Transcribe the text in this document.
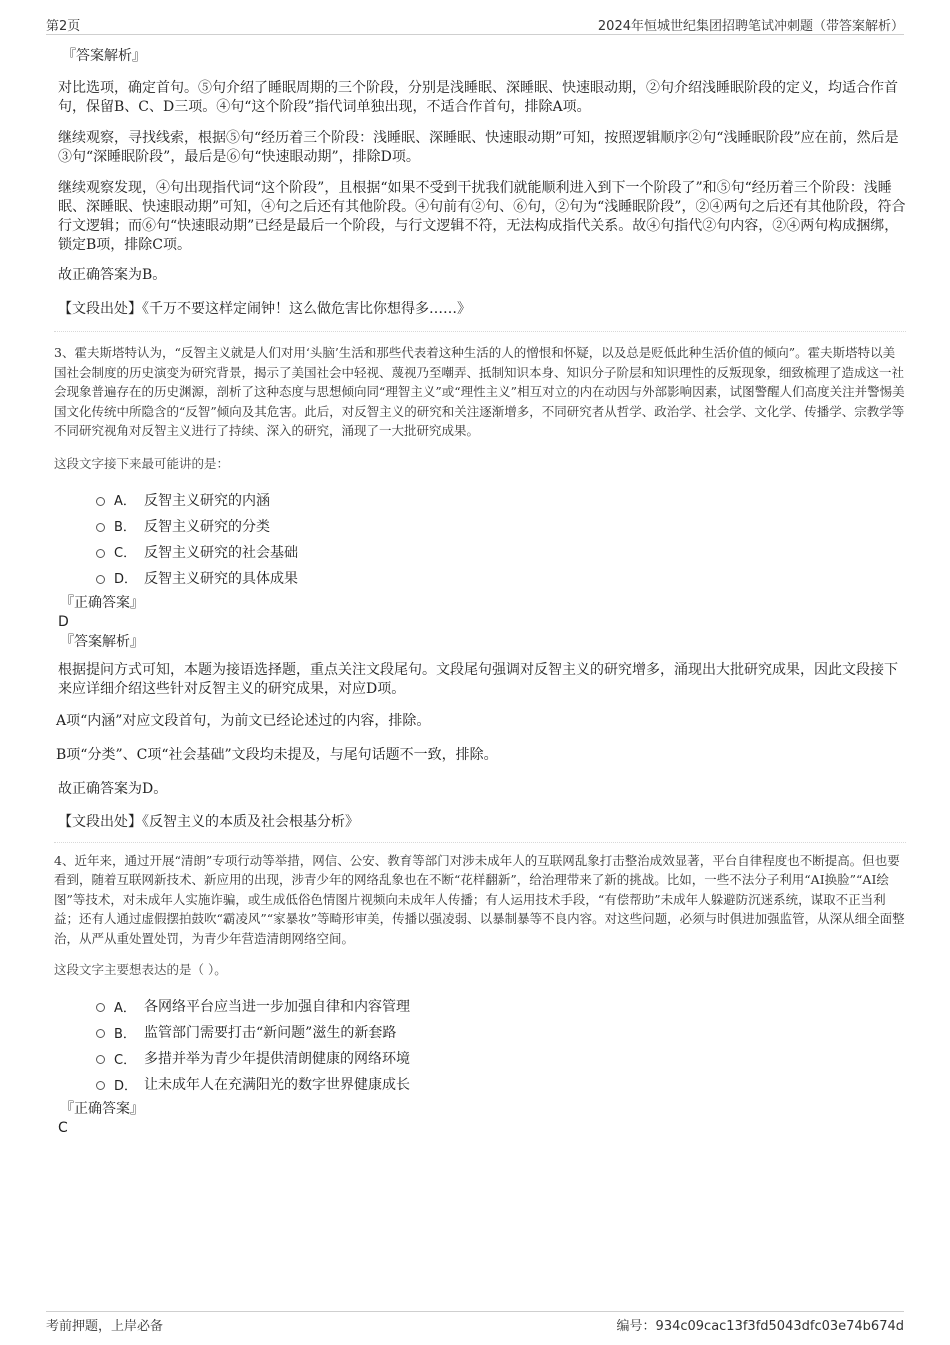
第2页	2024年恒城世纪集团招聘笔试冲刺题（带答案解析）
『答案解析』

对比选项，确定首句。⑤句介绍了睡眠周期的三个阶段，分别是浅睡眠、深睡眠、快速眼动期，②句介绍浅睡眠阶段的定义，均适合作首句，保留B、C、D三项。④句“这个阶段”指代词单独出现，不适合作首句，排除A项。

继续观察，寻找线索，根据⑤句“经历着三个阶段：浅睡眠、深睡眠、快速眼动期”可知，按照逻辑顺序②句“浅睡眠阶段”应在前，然后是③句“深睡眠阶段”，最后是⑥句“快速眼动期”，排除D项。

继续观察发现，④句出现指代词“这个阶段”，且根据“如果不受到干扰我们就能顺利进入到下一个阶段了”和⑤句“经历着三个阶段：浅睡眠、深睡眠、快速眼动期”可知，④句之后还有其他阶段。④句前有②句、⑥句，②句为“浅睡眠阶段”，②④两句之后还有其他阶段，符合行文逻辑；而⑥句“快速眼动期”已经是最后一个阶段，与行文逻辑不符，无法构成指代关系。故④句指代②句内容，②④两句构成捆绑，锁定B项，排除C项。

故正确答案为B。

【文段出处】《千万不要这样定闹钟！这么做危害比你想得多……》

3、霍夫斯塔特认为，“反智主义就是人们对用‘头脑’生活和那些代表着这种生活的人的憎恨和怀疑，以及总是贬低此种生活价值的倾向”。霍夫斯塔特以美国社会制度的历史演变为研究背景，揭示了美国社会中轻视、蔑视乃至嘲弄、抵制知识本身、知识分子阶层和知识理性的反叛现象，细致梳理了造成这一社会现象普遍存在的历史渊源，剖析了这种态度与思想倾向同“理智主义”或“理性主义”相互对立的内在动因与外部影响因素，试图警醒人们高度关注并警惕美国文化传统中所隐含的“反智”倾向及其危害。此后，对反智主义的研究和关注逐渐增多，不同研究者从哲学、政治学、社会学、文化学、传播学、宗教学等不同研究视角对反智主义进行了持续、深入的研究，涌现了一大批研究成果。

这段文字接下来最可能讲的是：
A． 反智主义研究的内涵
B． 反智主义研究的分类
C． 反智主义研究的社会基础
D． 反智主义研究的具体成果
『正确答案』
D
『答案解析』

根据提问方式可知，本题为接语选择题，重点关注文段尾句。文段尾句强调对反智主义的研究增多，涌现出大批研究成果，因此文段接下来应详细介绍这些针对反智主义的研究成果，对应D项。

A项“内涵”对应文段首句，为前文已经论述过的内容，排除。

B项“分类”、C项“社会基础”文段均未提及，与尾句话题不一致，排除。

故正确答案为D。

【文段出处】《反智主义的本质及社会根基分析》

4、近年来，通过开展“清朗”专项行动等举措，网信、公安、教育等部门对涉未成年人的互联网乱象打击整治成效显著，平台自律程度也不断提高。但也要看到，随着互联网新技术、新应用的出现，涉青少年的网络乱象也在不断“花样翻新”，给治理带来了新的挑战。比如，一些不法分子利用“AI换脸”“AI绘图”等技术，对未成年人实施诈骗，或生成低俗色情图片视频向未成年人传播；有人运用技术手段，“有偿帮助”未成年人躲避防沉迷系统，谋取不正当利益；还有人通过虚假摆拍鼓吹“霸凌风”“家暴妆”等畸形审美，传播以强凌弱、以暴制暴等不良内容。对这些问题，必须与时俱进加强监管，从深从细全面整治，从严从重处置处罚，为青少年营造清朗网络空间。

这段文字主要想表达的是（ ）。
A． 各网络平台应当进一步加强自律和内容管理
B． 监管部门需要打击“新问题”滋生的新套路
C． 多措并举为青少年提供清朗健康的网络环境
D． 让未成年人在充满阳光的数字世界健康成长
『正确答案』
C
考前押题，上岸必备	编号：934c09cac13f3fd5043dfc03e74b674d
